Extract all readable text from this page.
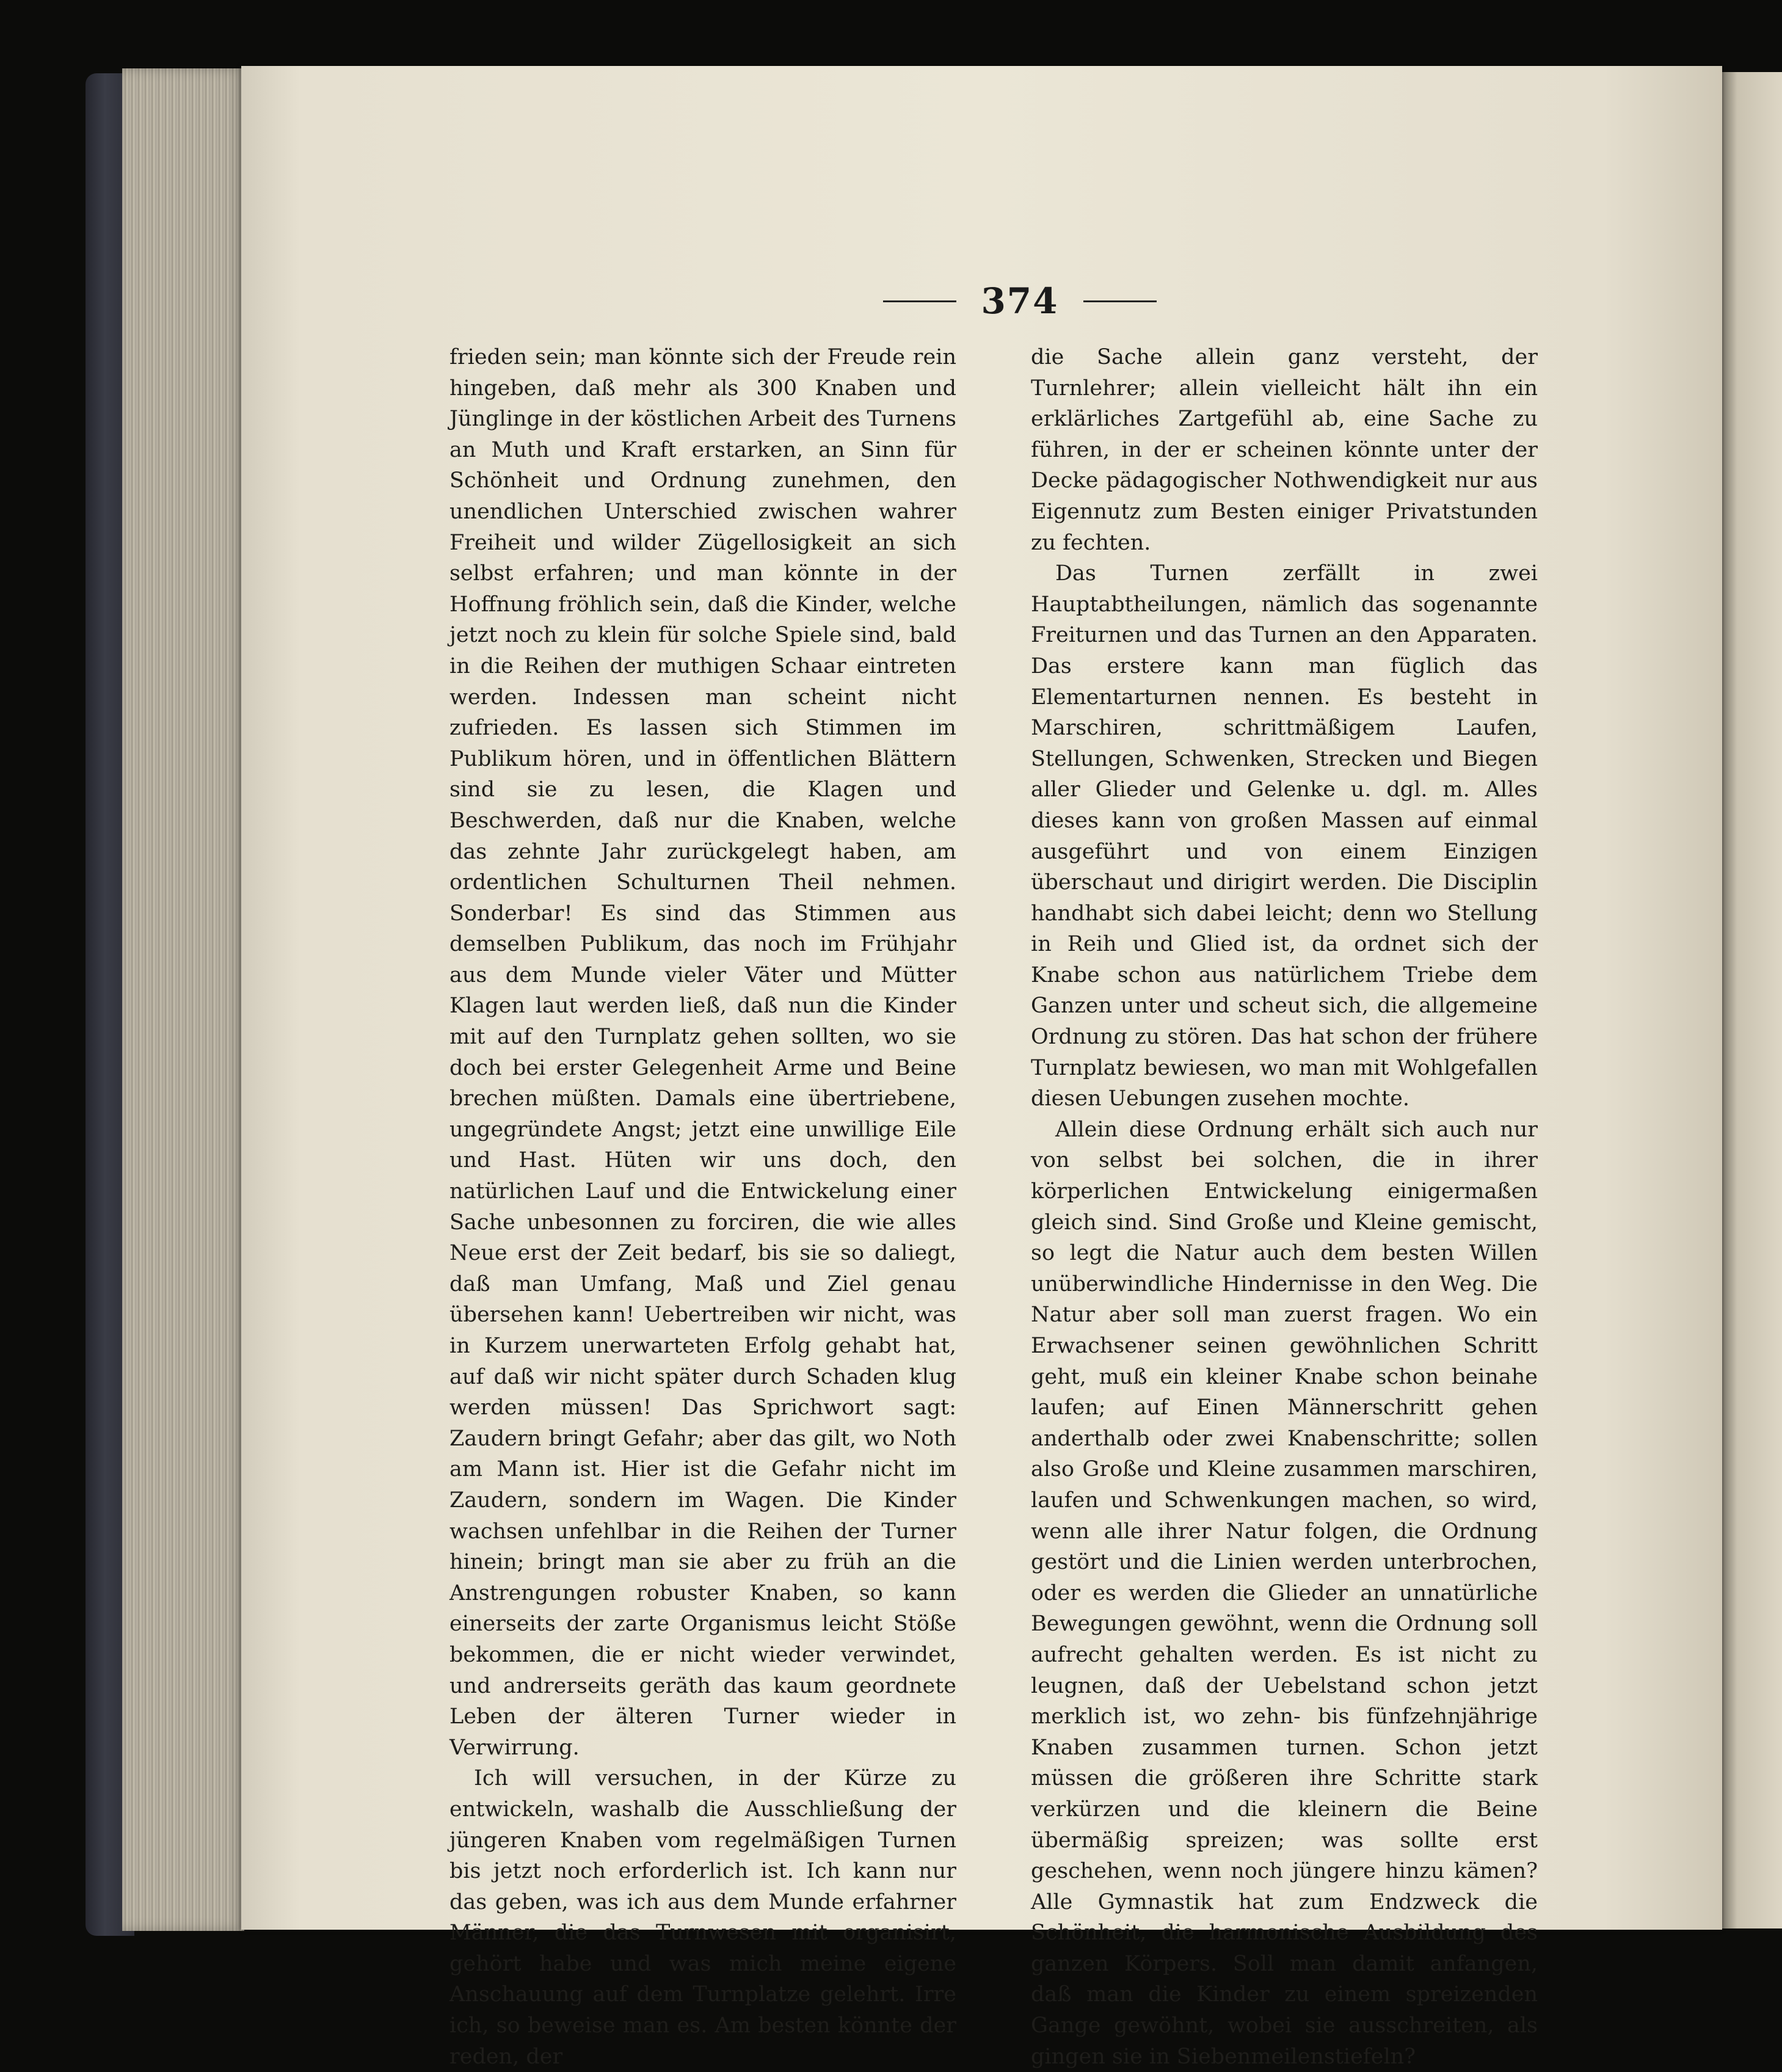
374

frieden sein; man könnte sich der Freude rein hingeben, daß mehr als 300 Knaben und Jünglinge in der köstlichen Arbeit des Turnens an Muth und Kraft erstarken, an Sinn für Schönheit und Ordnung zunehmen, den unendlichen Unterschied zwischen wahrer Freiheit und wilder Zügellosigkeit an sich selbst erfahren; und man könnte in der Hoffnung fröhlich sein, daß die Kinder, welche jetzt noch zu klein für solche Spiele sind, bald in die Reihen der muthigen Schaar eintreten werden. Indessen man scheint nicht zufrieden. Es lassen sich Stimmen im Publikum hören, und in öffentlichen Blättern sind sie zu lesen, die Klagen und Beschwerden, daß nur die Knaben, welche das zehnte Jahr zurückgelegt haben, am ordentlichen Schulturnen Theil nehmen. Sonderbar! Es sind das Stimmen aus demselben Publikum, das noch im Frühjahr aus dem Munde vieler Väter und Mütter Klagen laut werden ließ, daß nun die Kinder mit auf den Turnplatz gehen sollten, wo sie doch bei erster Gelegenheit Arme und Beine brechen müßten. Damals eine übertriebene, ungegründete Angst; jetzt eine unwillige Eile und Hast. Hüten wir uns doch, den natürlichen Lauf und die Entwickelung einer Sache unbesonnen zu forciren, die wie alles Neue erst der Zeit bedarf, bis sie so daliegt, daß man Umfang, Maß und Ziel genau übersehen kann! Uebertreiben wir nicht, was in Kurzem unerwarteten Erfolg gehabt hat, auf daß wir nicht später durch Schaden klug werden müssen! Das Sprichwort sagt: Zaudern bringt Gefahr; aber das gilt, wo Noth am Mann ist. Hier ist die Gefahr nicht im Zaudern, sondern im Wagen. Die Kinder wachsen unfehlbar in die Reihen der Turner hinein; bringt man sie aber zu früh an die Anstrengungen robuster Knaben, so kann einerseits der zarte Organismus leicht Stöße bekommen, die er nicht wieder verwindet, und andrerseits geräth das kaum geordnete Leben der älteren Turner wieder in Verwirrung.

Ich will versuchen, in der Kürze zu entwickeln, washalb die Ausschließung der jüngeren Knaben vom regelmäßigen Turnen bis jetzt noch erforderlich ist. Ich kann nur das geben, was ich aus dem Munde erfahrner Männer, die das Turnwesen mit organisirt, gehört habe und was mich meine eigene Anschauung auf dem Turnplatze gelehrt. Irre ich, so beweise man es. Am besten könnte der reden, der

die Sache allein ganz versteht, der Turnlehrer; allein vielleicht hält ihn ein erklärliches Zartgefühl ab, eine Sache zu führen, in der er scheinen könnte unter der Decke pädagogischer Nothwendigkeit nur aus Eigennutz zum Besten einiger Privatstunden zu fechten.

Das Turnen zerfällt in zwei Hauptabtheilungen, nämlich das sogenannte Freiturnen und das Turnen an den Apparaten. Das erstere kann man füglich das Elementarturnen nennen. Es besteht in Marschiren, schrittmäßigem Laufen, Stellungen, Schwenken, Strecken und Biegen aller Glieder und Gelenke u. dgl. m. Alles dieses kann von großen Massen auf einmal ausgeführt und von einem Einzigen überschaut und dirigirt werden. Die Disciplin handhabt sich dabei leicht; denn wo Stellung in Reih und Glied ist, da ordnet sich der Knabe schon aus natürlichem Triebe dem Ganzen unter und scheut sich, die allgemeine Ordnung zu stören. Das hat schon der frühere Turnplatz bewiesen, wo man mit Wohlgefallen diesen Uebungen zusehen mochte.

Allein diese Ordnung erhält sich auch nur von selbst bei solchen, die in ihrer körperlichen Entwickelung einigermaßen gleich sind. Sind Große und Kleine gemischt, so legt die Natur auch dem besten Willen unüberwindliche Hindernisse in den Weg. Die Natur aber soll man zuerst fragen. Wo ein Erwachsener seinen gewöhnlichen Schritt geht, muß ein kleiner Knabe schon beinahe laufen; auf Einen Männerschritt gehen anderthalb oder zwei Knabenschritte; sollen also Große und Kleine zusammen marschiren, laufen und Schwenkungen machen, so wird, wenn alle ihrer Natur folgen, die Ordnung gestört und die Linien werden unterbrochen, oder es werden die Glieder an unnatürliche Bewegungen gewöhnt, wenn die Ordnung soll aufrecht gehalten werden. Es ist nicht zu leugnen, daß der Uebelstand schon jetzt merklich ist, wo zehn- bis fünfzehnjährige Knaben zusammen turnen. Schon jetzt müssen die größeren ihre Schritte stark verkürzen und die kleinern die Beine übermäßig spreizen; was sollte erst geschehen, wenn noch jüngere hinzu kämen? Alle Gymnastik hat zum Endzweck die Schönheit, die harmonische Ausbildung des ganzen Körpers. Soll man damit anfangen, daß man die Kinder zu einem spreizenden Gange gewöhnt, wobei sie ausschreiten, als gingen sie in Siebenmeilenstiefeln?
